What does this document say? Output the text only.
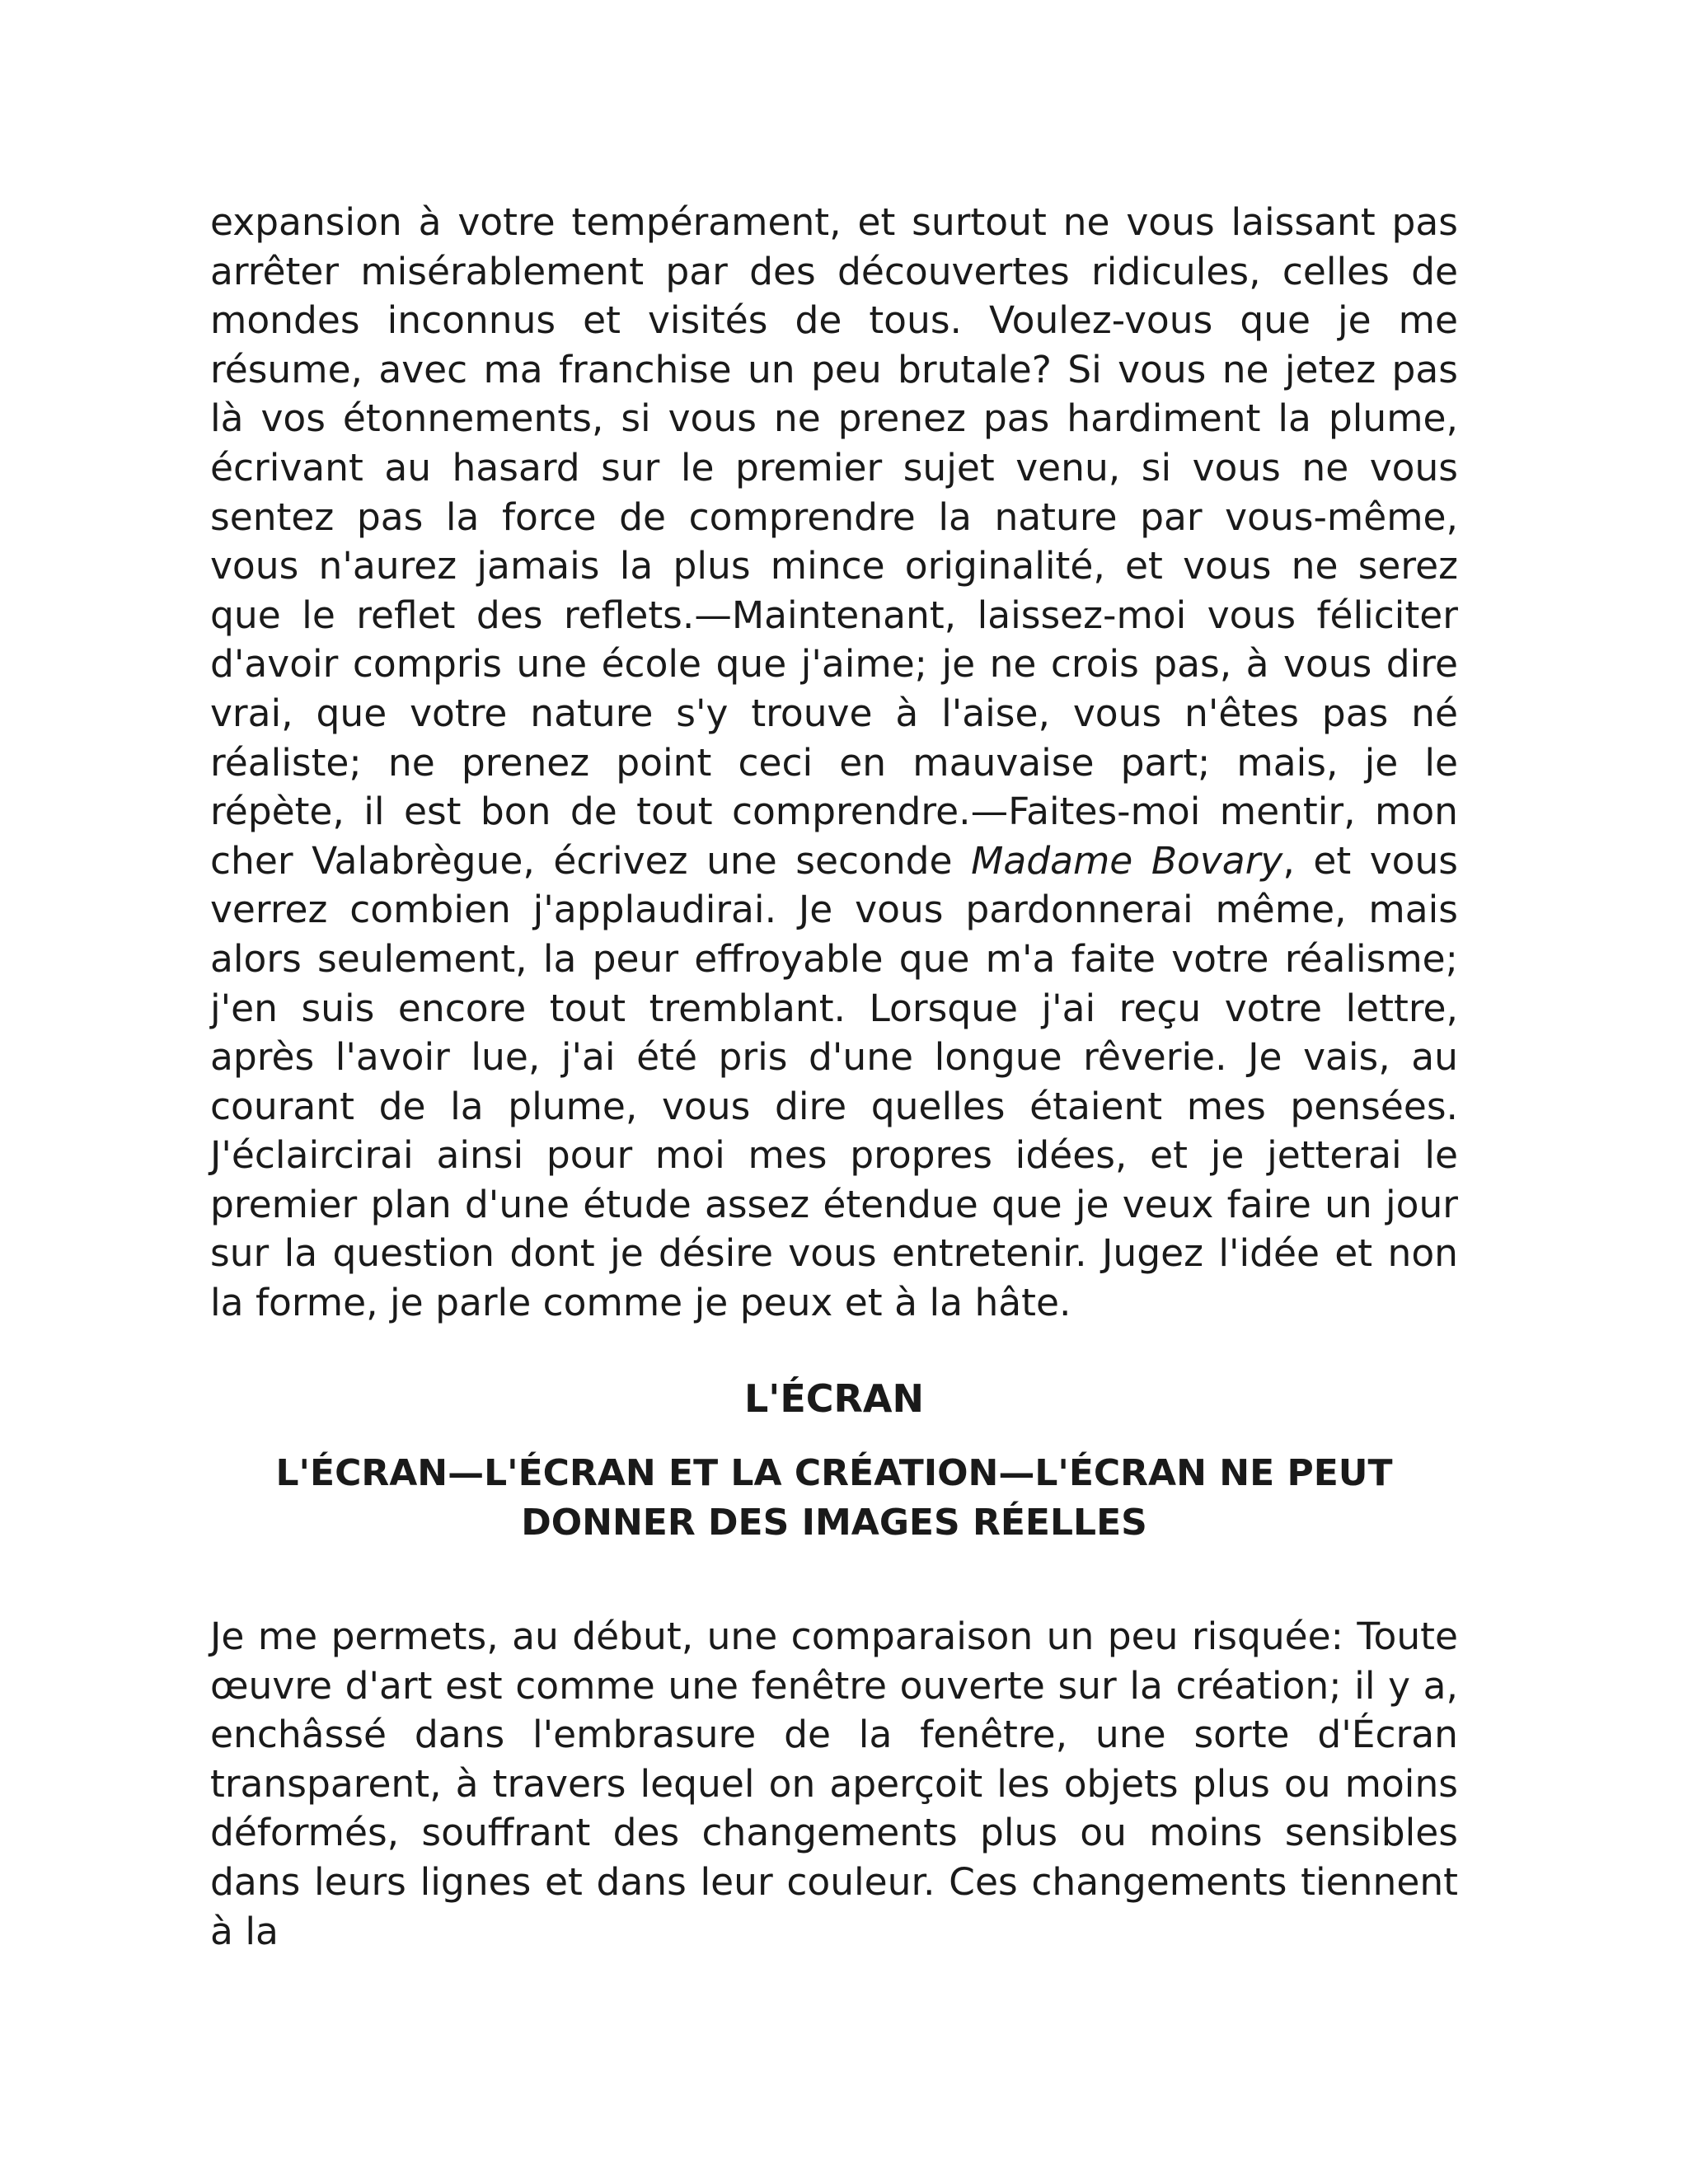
expansion à votre tempérament, et surtout ne vous laissant pas arrêter misérablement par des découvertes ridicules, celles de mondes inconnus et visités de tous. Voulez-vous que je me résume, avec ma franchise un peu brutale? Si vous ne jetez pas là vos étonnements, si vous ne prenez pas hardiment la plume, écrivant au hasard sur le premier sujet venu, si vous ne vous sentez pas la force de comprendre la nature par vous-même, vous n'aurez jamais la plus mince originalité, et vous ne serez que le reflet des reflets.—Maintenant, laissez-moi vous féliciter d'avoir compris une école que j'aime; je ne crois pas, à vous dire vrai, que votre nature s'y trouve à l'aise, vous n'êtes pas né réaliste; ne prenez point ceci en mauvaise part; mais, je le répète, il est bon de tout comprendre.—Faites-moi mentir, mon cher Valabrègue, écrivez une seconde Madame Bovary, et vous verrez combien j'applaudirai. Je vous pardonnerai même, mais alors seulement, la peur effroyable que m'a faite votre réalisme; j'en suis encore tout tremblant. Lorsque j'ai reçu votre lettre, après l'avoir lue, j'ai été pris d'une longue rêverie. Je vais, au courant de la plume, vous dire quelles étaient mes pensées. J'éclaircirai ainsi pour moi mes propres idées, et je jetterai le premier plan d'une étude assez étendue que je veux faire un jour sur la question dont je désire vous entretenir. Jugez l'idée et non la forme, je parle comme je peux et à la hâte.

L'ÉCRAN
L'ÉCRAN—L'ÉCRAN ET LA CRÉATION—L'ÉCRAN NE PEUT DONNER DES IMAGES RÉELLES

Je me permets, au début, une comparaison un peu risquée: Toute œuvre d'art est comme une fenêtre ouverte sur la création; il y a, enchâssé dans l'embrasure de la fenêtre, une sorte d'Écran transparent, à travers lequel on aperçoit les objets plus ou moins déformés, souffrant des changements plus ou moins sensibles dans leurs lignes et dans leur couleur. Ces changements tiennent à la
